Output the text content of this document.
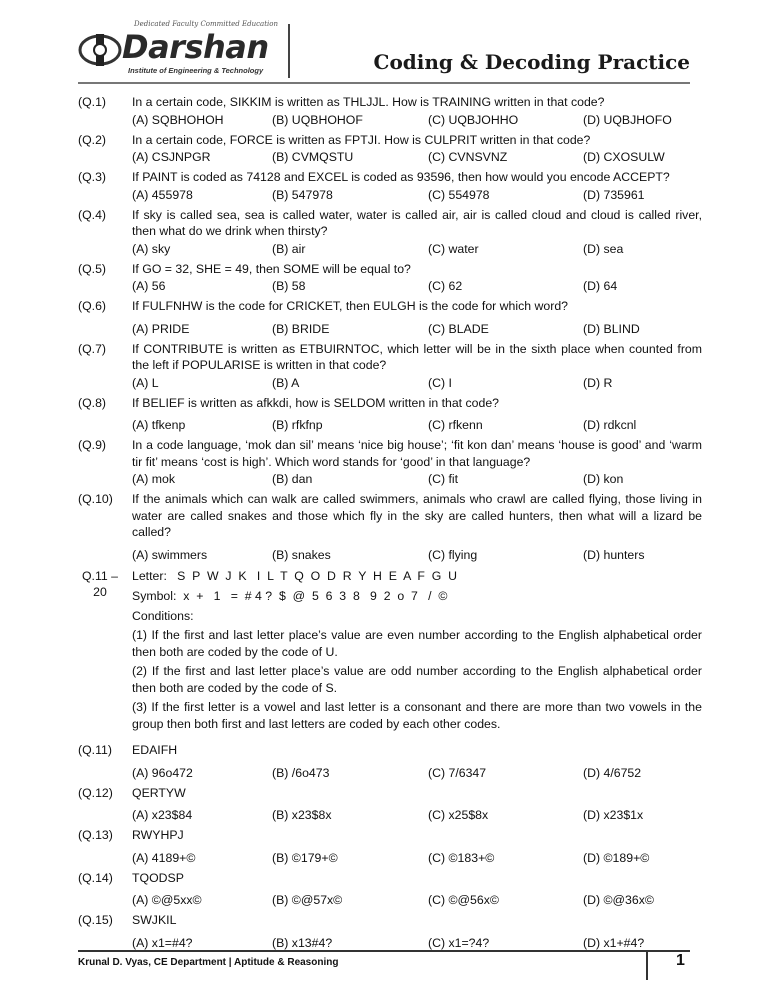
Dedicated Faculty Committed Education
Darshan
Institute of Engineering & Technology	Coding & Decoding Practice
(Q.1)	In a certain code, SIKKIM is written as THLJJL. How is TRAINING written in that code?
(A) SQBHOHOH	(B) UQBHOHOF	(C) UQBJOHHO	(D) UQBJHOFO
(Q.2)	In a certain code, FORCE is written as FPTJI. How is CULPRIT written in that code?
(A) CSJNPGR	(B) CVMQSTU	(C) CVNSVNZ	(D) CXOSULW
(Q.3)	If PAINT is coded as 74128 and EXCEL is coded as 93596, then how would you encode ACCEPT?
(A) 455978	(B) 547978	(C) 554978	(D) 735961
(Q.4)	If sky is called sea, sea is called water, water is called air, air is called cloud and cloud is called river, then what do we drink when thirsty?
(A) sky	(B) air	(C) water	(D) sea
(Q.5)	If GO = 32, SHE = 49, then SOME will be equal to?
(A) 56	(B) 58	(C) 62	(D) 64
(Q.6)	If FULFNHW is the code for CRICKET, then EULGH is the code for which word?
(A) PRIDE	(B) BRIDE	(C) BLADE	(D) BLIND
(Q.7)	If CONTRIBUTE is written as ETBUIRNTOC, which letter will be in the sixth place when counted from the left if POPULARISE is written in that code?
(A) L	(B) A	(C) I	(D) R
(Q.8)	If BELIEF is written as afkkdi, how is SELDOM written in that code?
(A) tfkenp	(B) rfkfnp	(C) rfkenn	(D) rdkcnl
(Q.9)	In a code language, ‘mok dan sil’ means ‘nice big house’; ‘fit kon dan’ means ‘house is good’ and ‘warm tir fit’ means ‘cost is high’. Which word stands for ‘good’ in that language?
(A) mok	(B) dan	(C) fit	(D) kon
(Q.10)	If the animals which can walk are called swimmers, animals who crawl are called flying, those living in water are called snakes and those which fly in the sky are called hunters, then what will a lizard be called?
(A) swimmers	(B) snakes	(C) flying	(D) hunters
Q.11 –
20
Letter:   S  P  W  J  K   I  L  T  Q  O  D  R  Y  H  E  A  F  G  U
Symbol:  x  +   1   =  # 4 ?  $  @  5  6  3  8   9  2  o  7   /  ©
Conditions:
(1) If the first and last letter place’s value are even number according to the English alphabetical order then both are coded by the code of U.
(2) If the first and last letter place’s value are odd number according to the English alphabetical order then both are coded by the code of S.
(3) If the first letter is a vowel and last letter is a consonant and there are more than two vowels in the group then both first and last letters are coded by each other codes.
(Q.11)	EDAIFH
(A) 96o472	(B) /6o473	(C) 7/6347	(D) 4/6752
(Q.12)	QERTYW
(A) x23$84	(B) x23$8x	(C) x25$8x	(D) x23$1x
(Q.13)	RWYHPJ
(A) 4189+©	(B) ©179+©	(C) ©183+©	(D) ©189+©
(Q.14)	TQODSP
(A) ©@5xx©	(B) ©@57x©	(C) ©@56x©	(D) ©@36x©
(Q.15)	SWJKIL
(A) x1=#4?	(B) x13#4?	(C) x1=?4?	(D) x1+#4?
Krunal D. Vyas, CE Department | Aptitude & Reasoning	1
